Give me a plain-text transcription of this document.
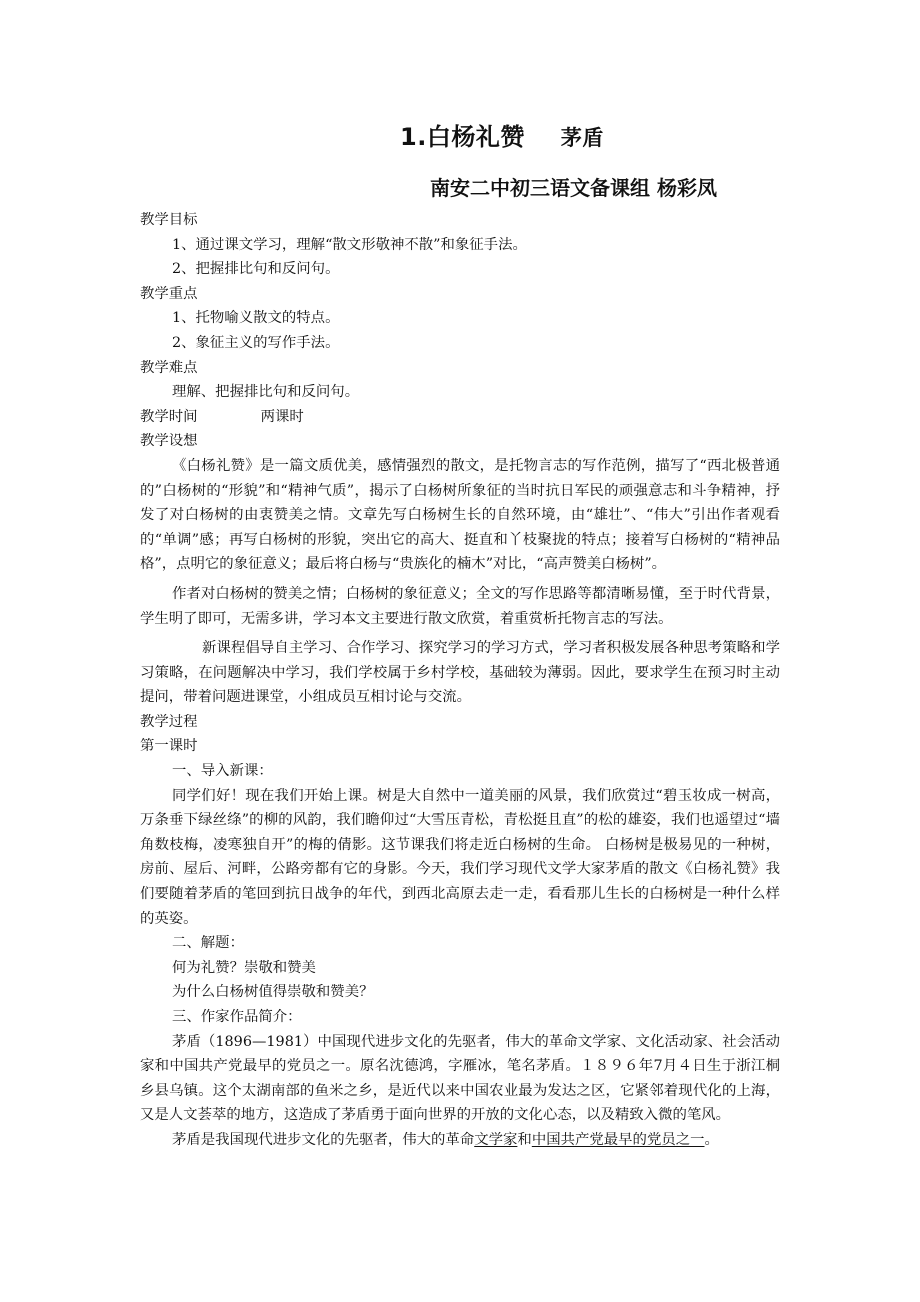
1.白杨礼赞 茅盾
南安二中初三语文备课组 杨彩凤
教学目标
1、通过课文学习，理解“散文形敬神不散”和象征手法。
2、把握排比句和反问句。
教学重点
1、托物喻义散文的特点。
2、象征主义的写作手法。
教学难点
理解、把握排比句和反问句。
教学时间	两课时
教学设想
《白杨礼赞》是一篇文质优美，感情强烈的散文，是托物言志的写作范例，描写了“西北极普通的”白杨树的“形貌”和“精神气质”，揭示了白杨树所象征的当时抗日军民的顽强意志和斗争精神，抒发了对白杨树的由衷赞美之情。文章先写白杨树生长的自然环境，由“雄壮”、“伟大”引出作者观看的“单调”感；再写白杨树的形貌，突出它的高大、挺直和丫枝聚拢的特点；接着写白杨树的“精神品格”，点明它的象征意义；最后将白杨与“贵族化的楠木”对比，“高声赞美白杨树”。
作者对白杨树的赞美之情；白杨树的象征意义；全文的写作思路等都清晰易懂，至于时代背景，学生明了即可，无需多讲，学习本文主要进行散文欣赏，着重赏析托物言志的写法。
新课程倡导自主学习、合作学习、探究学习的学习方式，学习者积极发展各种思考策略和学习策略，在问题解决中学习，我们学校属于乡村学校，基础较为薄弱。因此，要求学生在预习时主动提问，带着问题进课堂，小组成员互相讨论与交流。
教学过程
第一课时
一、导入新课：
同学们好！现在我们开始上课。树是大自然中一道美丽的风景，我们欣赏过“碧玉妆成一树高，万条垂下绿丝绦”的柳的风韵，我们瞻仰过“大雪压青松，青松挺且直”的松的雄姿，我们也遥望过“墙角数枝梅，凌寒独自开”的梅的倩影。这节课我们将走近白杨树的生命。 白杨树是极易见的一种树，房前、屋后、河畔，公路旁都有它的身影。今天，我们学习现代文学大家茅盾的散文《白杨礼赞》我们要随着茅盾的笔回到抗日战争的年代，到西北高原去走一走，看看那儿生长的白杨树是一种什么样的英姿。
二、解题：
何为礼赞？崇敬和赞美
为什么白杨树值得崇敬和赞美？
三、作家作品简介：
茅盾（1896—1981）中国现代进步文化的先驱者，伟大的革命文学家、文化活动家、社会活动家和中国共产党最早的党员之一。原名沈德鸿，字雁冰，笔名茅盾。１８９６年7月４日生于浙江桐乡县乌镇。这个太湖南部的鱼米之乡，是近代以来中国农业最为发达之区，它紧邻着现代化的上海，又是人文荟萃的地方，这造成了茅盾勇于面向世界的开放的文化心态，以及精致入微的笔风。
茅盾是我国现代进步文化的先驱者，伟大的革命文学家和中国共产党最早的党员之一。
